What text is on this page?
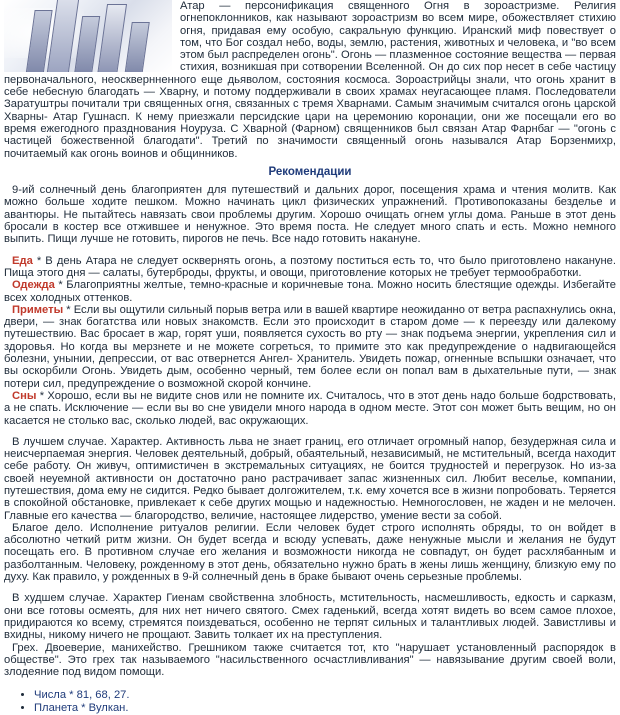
Атар — персонификация священного Огня в зороастризме. Религия огнепоклонников, как называют зороастризм во всем мире, обожествляет стихию огня, придавая ему особую, сакральную функцию. Иранский миф повествует о том, что Бог создал небо, воды, землю, растения, животных и человека, и "во всем этом был распределен огонь". Огонь — плазменное состояние вещества — первая стихия, возникшая при сотворении Вселенной. Он до сих пор несет в себе частицу первоначального, неосквернненного еще дьяволом, состояния космоса. Зороастрийцы знали, что огонь хранит в себе небесную благодать — Хварну, и потому поддерживали в своих храмах неугасающее пламя. Последователи Заратуштры почитали три священных огня, связанных с тремя Хварнами. Самым значимым считался огонь царской Хварны- Атар Гушнасп. К нему приезжали персидские цари на церемонию коронации, они же посещали его во время ежегодного празднования Ноуруза. С Хварной (Фарном) священников был связан Атар Фарнбаг — "огонь с частицей божественной благодати". Третий по значимости священный огонь назывался Атар Борзенмихр, почитаемый как огонь воинов и общинников.

Рекомендации

9-ий солнечный день благоприятен для путешествий и дальних дорог, посещения храма и чтения молитв. Как можно больше ходите пешком. Можно начинать цикл физических упражнений. Противопоказаны безделье и авантюры. Не пытайтесь навязать свои проблемы другим. Хорошо очищать огнем углы дома. Раньше в этот день бросали в костер все отжившее и ненужное. Это время поста. Не следует много спать и есть. Можно немного выпить. Пищи лучше не готовить, пирогов не печь. Все надо готовить накануне.

Еда * В день Атара не следует осквернять огонь, а поэтому поститься есть то, что было приготовлено накануне. Пища этого дня — салаты, бутерброды, фрукты, и овощи, приготовление которых не требует термообработки.

Одежда * Благоприятны желтые, темно-красные и коричневые тона. Можно носить блестящие одежды. Избегайте всех холодных оттенков.

Приметы * Если вы ощутили сильный порыв ветра или в вашей квартире неожиданно от ветра распахнулись окна, двери, — знак богатства или новых знакомств. Если это происходит в старом доме — к переезду или далекому путешествию. Вас бросает в жар, горят уши, появляется сухость во рту — знак подъема энергии, укрепления сил и здоровья. Но когда вы мерзнете и не можете согреться, то примите это как предупреждение о надвигающейся болезни, унынии, депрессии, от вас отвернется Ангел- Хранитель. Увидеть пожар, огненные вспышки означает, что вы оскорбили Огонь. Увидеть дым, особенно черный, тем более если он попал вам в дыхательные пути, — знак потери сил, предупреждение о возможной скорой кончине.

Сны * Хорошо, если вы не видите снов или не помните их. Считалось, что в этот день надо больше бодрствовать, а не спать. Исключение — если вы во сне увидели много народа в одном месте. Этот сон может быть вещим, но он касается не столько вас, сколько людей, вас окружающих.

В лучшем случае. Характер. Активность льва не знает границ, его отличает огромный напор, безудержная сила и неисчерпаемая энергия. Человек деятельный, добрый, обаятельный, независимый, не мстительный, всегда находит себе работу. Он живуч, оптимистичен в экстремальных ситуациях, не боится трудностей и перегрузок. Но из-за своей неуемной активности он достаточно рано растрачивает запас жизненных сил. Любит веселье, компании, путешествия, дома ему не сидится. Редко бывает долгожителем, т.к. ему хочется все в жизни попробовать. Теряется в спокойной обстановке, привлекает к себе других мощью и надежностью. Немногословен, не жаден и не мелочен. Главные его качества — благородство, величие, настоящее лидерство, умение вести за собой.

Благое дело. Исполнение ритуалов религии. Если человек будет строго исполнять обряды, то он войдет в абсолютно четкий ритм жизни. Он будет всегда и всюду успевать, даже ненужные мысли и желания не будут посещать его. В противном случае его желания и возможности никогда не совпадут, он будет расхлябанным и разболтанным. Человеку, рожденному в этот день, обязательно нужно брать в жены лишь женщину, близкую ему по духу. Как правило, у рожденных в 9-й солнечный день в браке бывают очень серьезные проблемы.

В худшем случае. Характер Гиенам свойственна злобность, мстительность, насмешливость, едкость и сарказм, они все готовы осмеять, для них нет ничего святого. Смех гаденький, всегда хотят видеть во всем самое плохое, придираются ко всему, стремятся поиздеваться, особенно не терпят сильных и талантливых людей. Завистливы и вхидны, никому ничего не прощают. Завить толкает их на преступления.

Грех. Двоеверие, манихейство. Грешником также считается тот, кто "нарушает установленный распорядок в обществе". Это грех так называемого "насильственного осчастливливания" — навязывание другим своей воли, злодеяние под видом помощи.

• Числа * 81, 68, 27.
• Планета * Вулкан.
